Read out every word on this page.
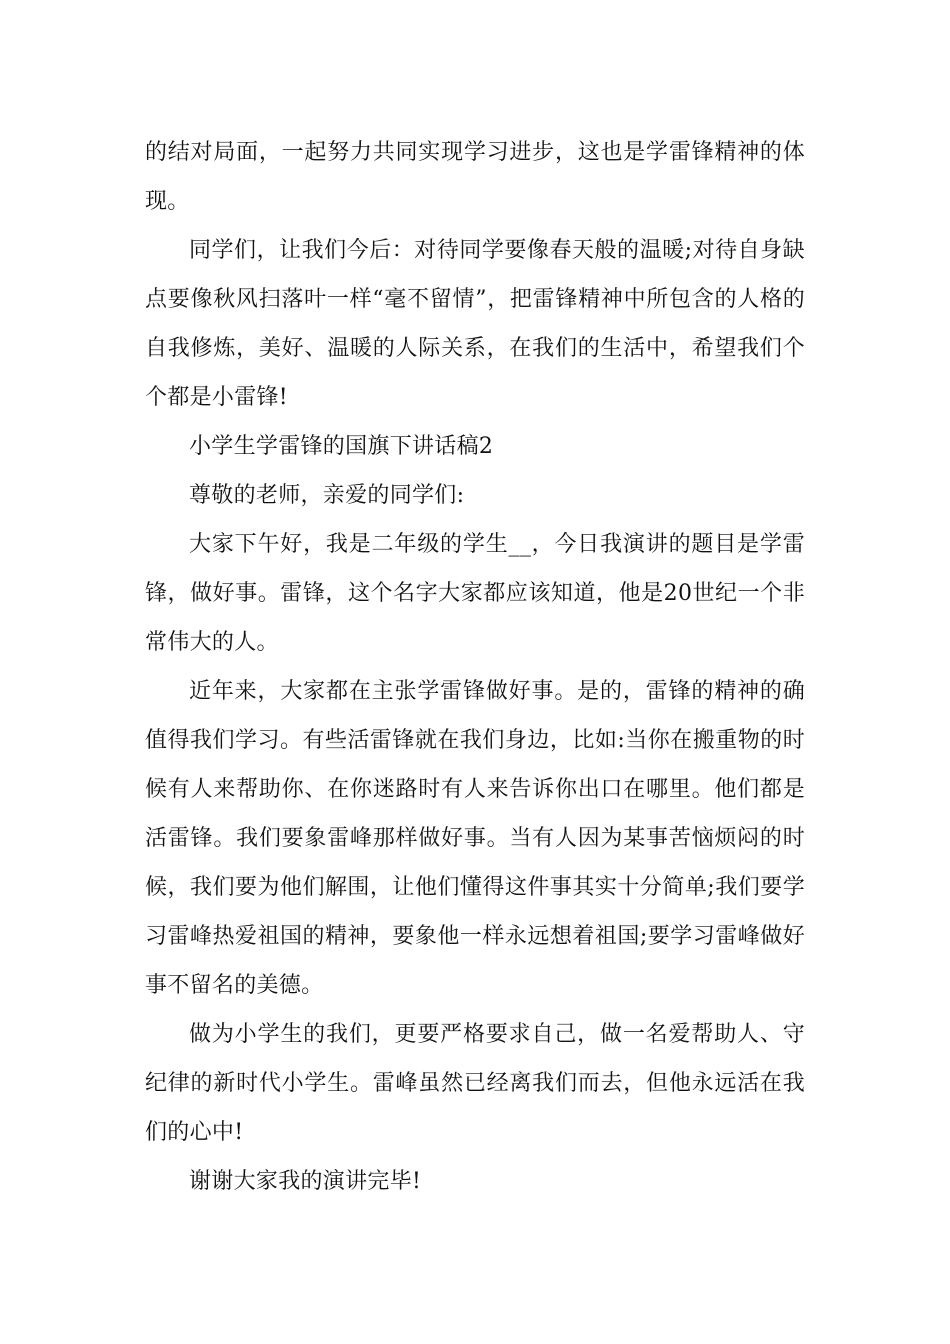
的结对局面，一起努力共同实现学习进步，这也是学雷锋精神的体现。

同学们，让我们今后：对待同学要像春天般的温暖;对待自身缺点要像秋风扫落叶一样“毫不留情”，把雷锋精神中所包含的人格的自我修炼，美好、温暖的人际关系，在我们的生活中，希望我们个个都是小雷锋!

小学生学雷锋的国旗下讲话稿2

尊敬的老师，亲爱的同学们:

大家下午好，我是二年级的学生__，今日我演讲的题目是学雷锋，做好事。雷锋，这个名字大家都应该知道，他是20世纪一个非常伟大的人。

近年来，大家都在主张学雷锋做好事。是的，雷锋的精神的确值得我们学习。有些活雷锋就在我们身边，比如:当你在搬重物的时候有人来帮助你、在你迷路时有人来告诉你出口在哪里。他们都是活雷锋。我们要象雷峰那样做好事。当有人因为某事苦恼烦闷的时候，我们要为他们解围，让他们懂得这件事其实十分简单;我们要学习雷峰热爱祖国的精神，要象他一样永远想着祖国;要学习雷峰做好事不留名的美德。

做为小学生的我们，更要严格要求自己，做一名爱帮助人、守纪律的新时代小学生。雷峰虽然已经离我们而去，但他永远活在我们的心中!

谢谢大家我的演讲完毕!
